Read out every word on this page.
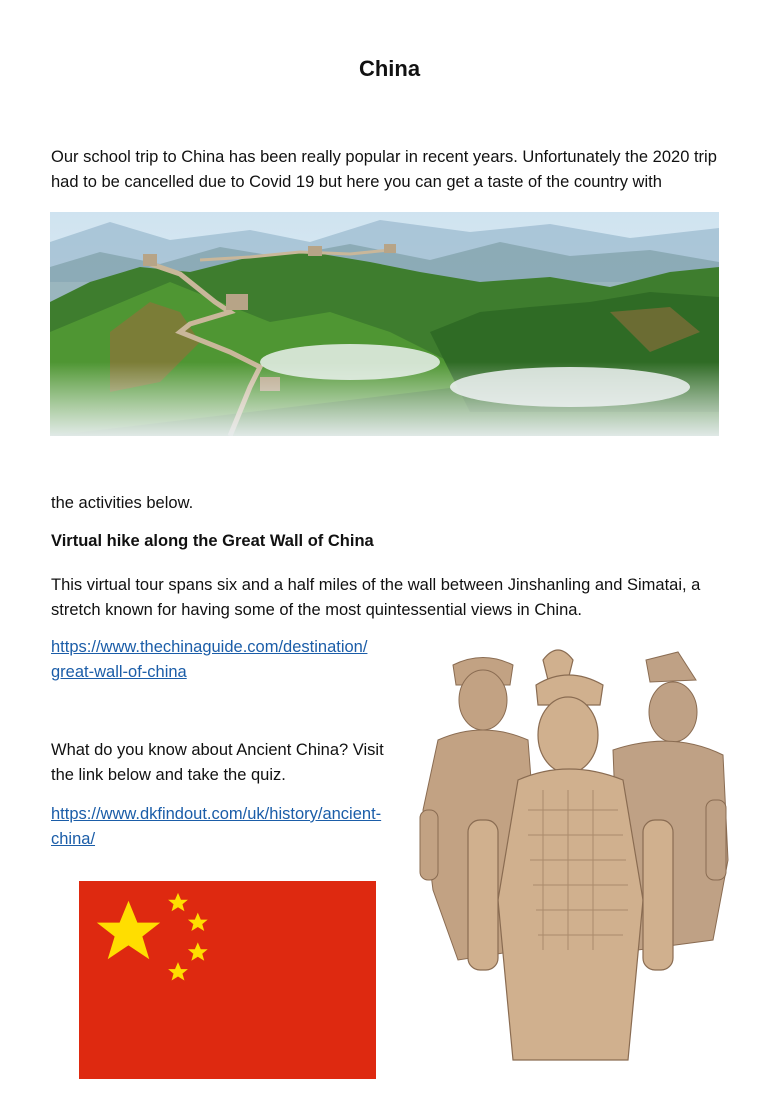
China
Our school trip to China has been really popular in recent years. Unfortunately the 2020 trip had to be cancelled due to Covid 19 but here you can get a taste of the country with
the activities below.
Virtual hike along the Great Wall of China
This virtual tour spans six and a half miles of the wall between Jinshanling and Simatai, a stretch known for having some of the most quintessential views in China.
https://www.thechinaguide.com/destination/
great-wall-of-china
What do you know about Ancient China? Visit the link below and take the quiz.
https://www.dkfindout.com/uk/history/ancient-
china/
